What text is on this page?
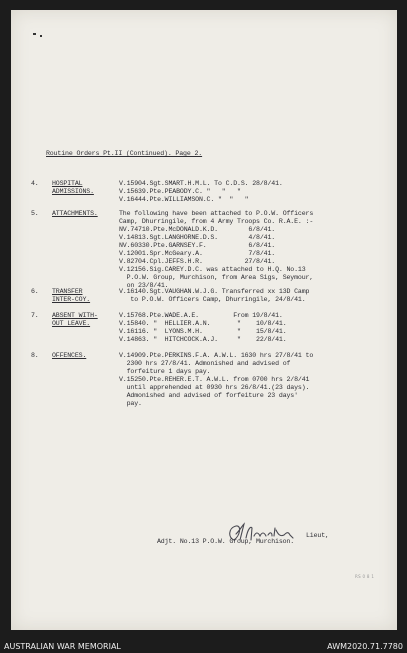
Routine Orders Pt.II (Continued). Page 2.
4. HOSPITAL
ADMISSIONS.
V.15904.Sgt.SMART.H.M.L. To C.D.S. 28/8/41.
V.15639.Pte.PEABODY.C. "   "   "
V.16444.Pte.WILLIAMSON.C. "  "   "
5. ATTACHMENTS.	The following have been attached to P.O.W. Officers
Camp, Dhurringile, from 4 Army Troops Co. R.A.E. :-
NV.74710.Pte.McDONALD.K.D.        6/8/41.
V.14813.Sgt.LANGHORNE.D.S.        4/8/41.
NV.60330.Pte.GARNSEY.F.           6/8/41.
V.12001.Spr.McGeary.A.            7/8/41.
V.82704.Cpl.JEFFS.H.R.           27/8/41.
V.12156.Sig.CAREY.D.C. was attached to H.Q. No.13
P.O.W. Group, Murchison, from Area Sigs, Seymour,
on 23/8/41.
6. TRANSFER
INTER-COY.
V.16140.Sgt.VAUGHAN.W.J.G. Transferred xx 13D Camp
to P.O.W. Officers Camp, Dhurringile, 24/8/41.
7. ABSENT WITH-
OUT LEAVE.
V.15768.Pte.WADE.A.E.         From 19/8/41.
V.15840. "  HELLIER.A.N.       "    10/8/41.
V.16116. "  LYONS.M.H.         "    15/8/41.
V.14863. "  HITCHCOCK.A.J.     "    22/8/41.
8. OFFENCES.	V.14909.Pte.PERKINS.F.A. A.W.L. 1630 hrs 27/8/41 to
2300 hrs 27/8/41. Admonished and advised of
forfeiture 1 days pay.
V.15250.Pte.REHER.E.T. A.W.L. from 0700 hrs 2/8/41
until apprehended at 0930 hrs 26/8/41.(23 days).
Admonished and advised of forfeiture 23 days'
pay.
Lieut,
Adjt. No.13 P.O.W. Group, Murchison.
RS 0 8 1
AUSTRALIAN WAR MEMORIAL	AWM2020.71.7780
